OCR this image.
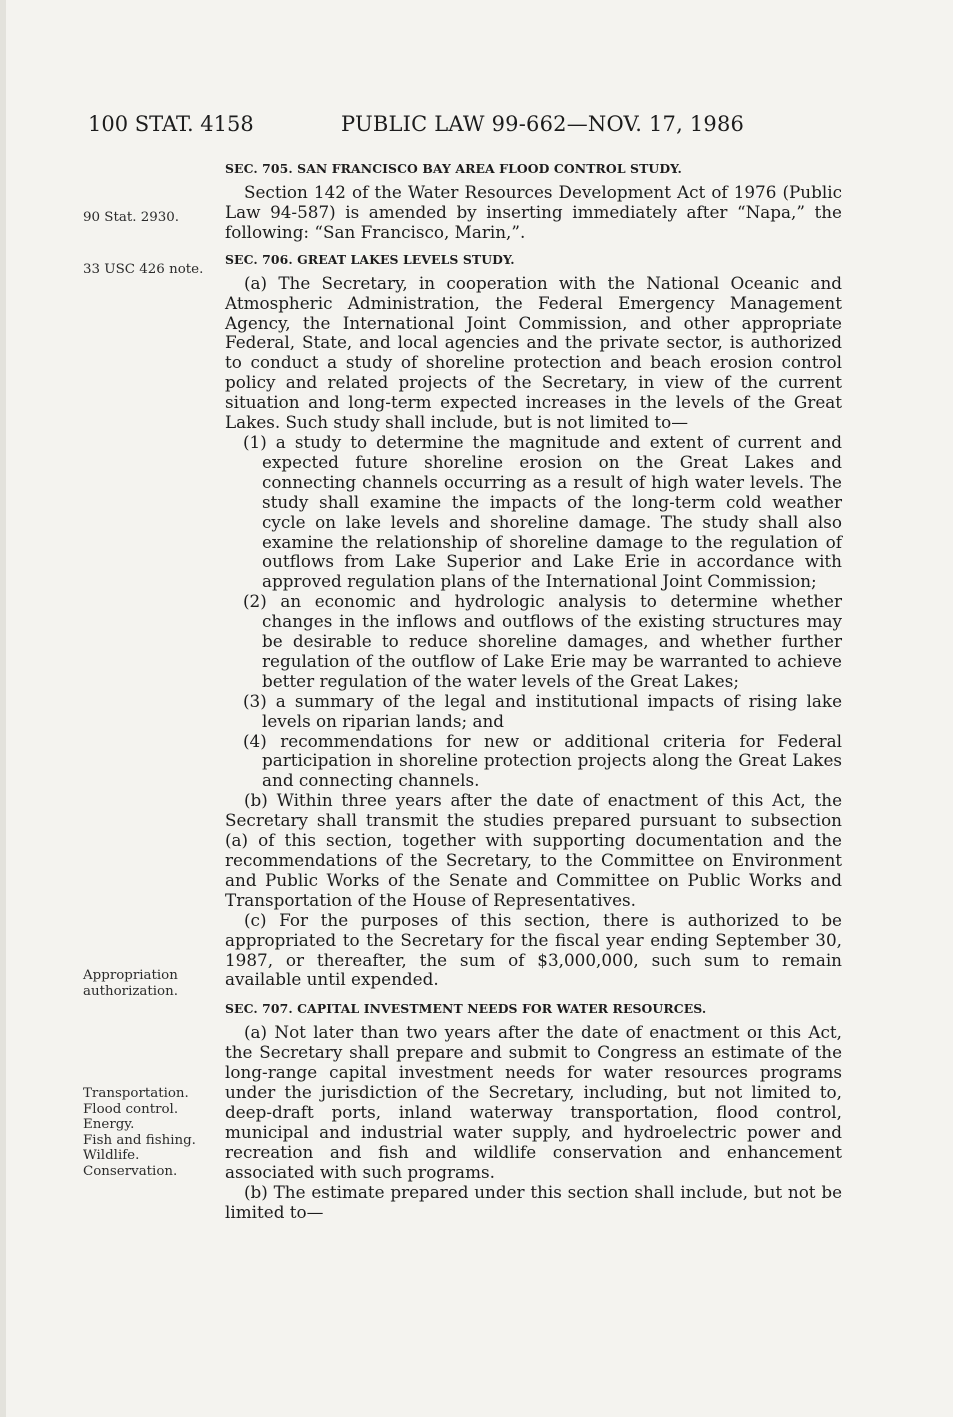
100 STAT. 4158	PUBLIC LAW 99-662—NOV. 17, 1986
90 Stat. 2930.
33 USC 426 note.
Appropriation
authorization.
Transportation.
Flood control.
Energy.
Fish and fishing.
Wildlife.
Conservation.

SEC. 705. SAN FRANCISCO BAY AREA FLOOD CONTROL STUDY.

Section 142 of the Water Resources Development Act of 1976 (Public Law 94-587) is amended by inserting immediately after “Napa,” the following: “San Francisco, Marin,”.

SEC. 706. GREAT LAKES LEVELS STUDY.

(a) The Secretary, in cooperation with the National Oceanic and Atmospheric Administration, the Federal Emergency Management Agency, the International Joint Commission, and other appropriate Federal, State, and local agencies and the private sector, is authorized to conduct a study of shoreline protection and beach erosion control policy and related projects of the Secretary, in view of the current situation and long-term expected increases in the levels of the Great Lakes. Such study shall include, but is not limited to—

(1) a study to determine the magnitude and extent of current and expected future shoreline erosion on the Great Lakes and connecting channels occurring as a result of high water levels. The study shall examine the impacts of the long-term cold weather cycle on lake levels and shoreline damage. The study shall also examine the relationship of shoreline damage to the regulation of outflows from Lake Superior and Lake Erie in accordance with approved regulation plans of the International Joint Commission;

(2) an economic and hydrologic analysis to determine whether changes in the inflows and outflows of the existing structures may be desirable to reduce shoreline damages, and whether further regulation of the outflow of Lake Erie may be warranted to achieve better regulation of the water levels of the Great Lakes;

(3) a summary of the legal and institutional impacts of rising lake levels on riparian lands; and

(4) recommendations for new or additional criteria for Federal participation in shoreline protection projects along the Great Lakes and connecting channels.

(b) Within three years after the date of enactment of this Act, the Secretary shall transmit the studies prepared pursuant to subsection (a) of this section, together with supporting documentation and the recommendations of the Secretary, to the Committee on Environment and Public Works of the Senate and Committee on Public Works and Transportation of the House of Representatives.

(c) For the purposes of this section, there is authorized to be appropriated to the Secretary for the fiscal year ending September 30, 1987, or thereafter, the sum of $3,000,000, such sum to remain available until expended.

SEC. 707. CAPITAL INVESTMENT NEEDS FOR WATER RESOURCES.

(a) Not later than two years after the date of enactment oɪ this Act, the Secretary shall prepare and submit to Congress an estimate of the long-range capital investment needs for water resources programs under the jurisdiction of the Secretary, including, but not limited to, deep-draft ports, inland waterway transportation, flood control, municipal and industrial water supply, and hydroelectric power and recreation and fish and wildlife conservation and enhancement associated with such programs.

(b) The estimate prepared under this section shall include, but not be limited to—
